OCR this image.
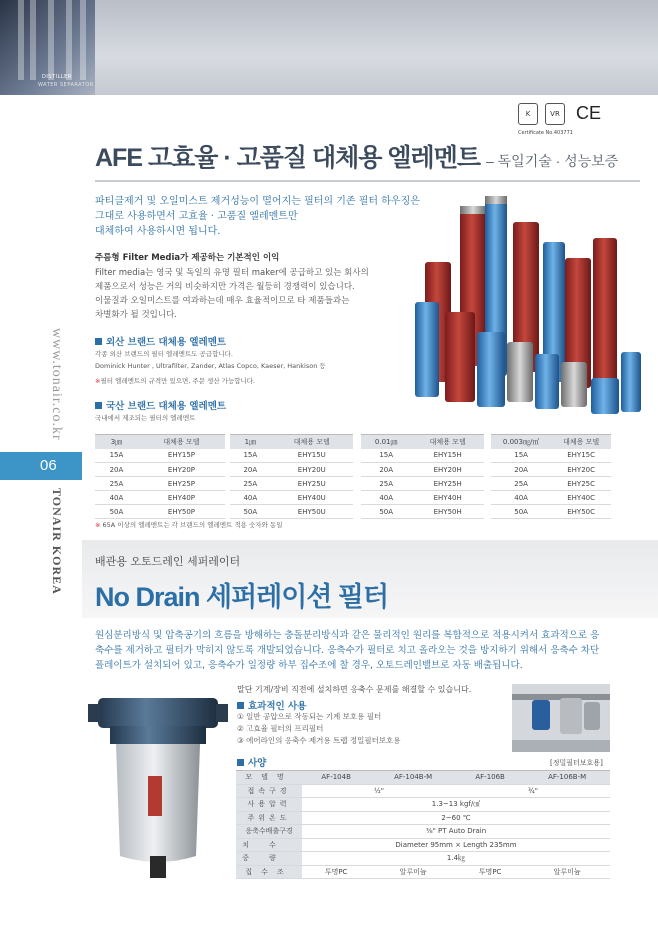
DISTILLER
WATER SEPARATOR
K	VR CE
Certificate No.403771
AFE 고효율 · 고품질 대체용 엘레멘트 – 독일기술 · 성능보증
www.tonair.co.kr
06
TONAIR KOREA
파티클제거 및 오일미스트 제거성능이 떨어지는 필터의 기존 필터 하우징은
그대로 사용하면서 고효율 · 고품질 엘레멘트만
대체하여 사용하시면 됩니다.
주름형 Filter Media가 제공하는 기본적인 이익
Filter media는 영국 및 독일의 유명 필터 maker에 공급하고 있는 회사의
제품으로서 성능은 거의 비슷하지만 가격은 월등히 경쟁력이 있습니다.
이물질과 오일미스트를 여과하는데 매우 효율적이므로 타 제품들과는
차별화가 될 것입니다.
외산 브랜드 대체용 엘레멘트
각종 외산 브랜드의 필터 엘레멘트도 공급합니다.
Dominick Hunter , Ultrafilter, Zander, Atlas Copco, Kaeser, Hankison 등
※필터 엘레멘트의 규격만 있으면, 주문 생산 가능합니다.
국산 브랜드 대체용 엘레멘트
국내에서 제조되는 필터의 엘레멘트
3㎛	대체용 모델
15A	EHY15P
20A	EHY20P
25A	EHY25P
40A	EHY40P
50A	EHY50P
1㎛	대체용 모델
15A	EHY15U
20A	EHY20U
25A	EHY25U
40A	EHY40U
50A	EHY50U
0.01㎛	대체용 모델
15A	EHY15H
20A	EHY20H
25A	EHY25H
40A	EHY40H
50A	EHY50H
0.003㎎/㎥	대체용 모델
15A	EHY15C
20A	EHY20C
25A	EHY25C
40A	EHY40C
50A	EHY50C
※ 65A 이상의 엘레멘트는 각 브랜드의 엘레멘트 적용 숫자와 동일
배관용 오토드레인 세퍼레이터
No Drain 세퍼레이션 필터
원심분리방식 및 압축공기의 흐름을 방해하는 충돌분리방식과 같은 물리적인 원리를 복합적으로 적용시켜서 효과적으로 응
축수를 제거하고 필터가 막히지 않도록 개발되었습니다. 응축수가 필터로 치고 올라오는 것을 방지하기 위해서 응축수 차단
플레이트가 설치되어 있고, 응축수가 일정량 하부 집수조에 찰 경우, 오토드레인밸브로 자동 배출됩니다.
말단 기계/장비 직전에 설치하면 응축수 문제를 해결할 수 있습니다.
효과적인 사용
① 일반 공압으로 작동되는 기계 보호용 필터
② 고효율 필터의 프리필터
③ 에어라인의 응축수 제거용 트랩 정밀필터보호용
사양	[정밀필터보호용]
모델명	AF-104B	AF-104B-M	AF-106B	AF-106B-M
접속구경	½"		¾"	
사용압력	1.3~13 kgf/㎠			
주위온도	2~60 ℃			
응축수배출구경	⅜" PT Auto Drain			
치수	Diameter 95mm × Length 235mm			
중량	1.4㎏			
집수조	투명PC	알루미늄	투명PC	알루미늄
